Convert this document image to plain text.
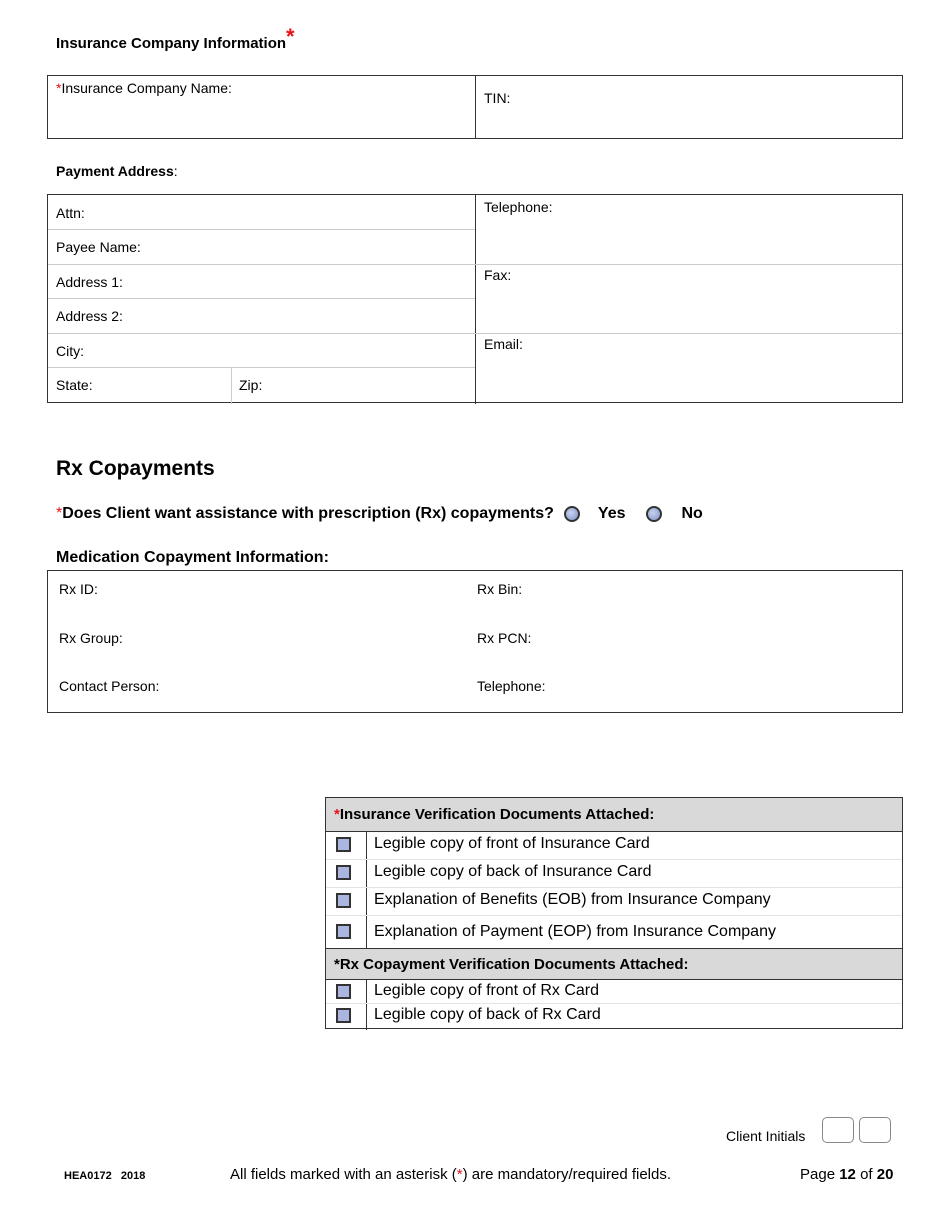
Insurance Company Information*
*Insurance Company Name:
TIN:
Payment Address:
Attn:
Payee Name:
Address 1:
Address 2:
City:
State:	Zip:
Telephone:
Fax:
Email:
Rx Copayments
* Does Client want assistance with prescription (Rx) copayments?	Yes	No
Medication Copayment Information:
Rx ID:	Rx Bin:
Rx Group:	Rx PCN:
Contact Person:	Telephone:
* Insurance Verification Documents Attached:
Legible copy of front of Insurance Card
Legible copy of back of Insurance Card
Explanation of Benefits (EOB) from Insurance Company
Explanation of Payment (EOP) from Insurance Company
*Rx Copayment Verification Documents Attached:
Legible copy of front of Rx Card
Legible copy of back of Rx Card
Client Initials
HEA0172 2018	All fields marked with an asterisk (*) are mandatory/required fields.	Page 12 of 20
